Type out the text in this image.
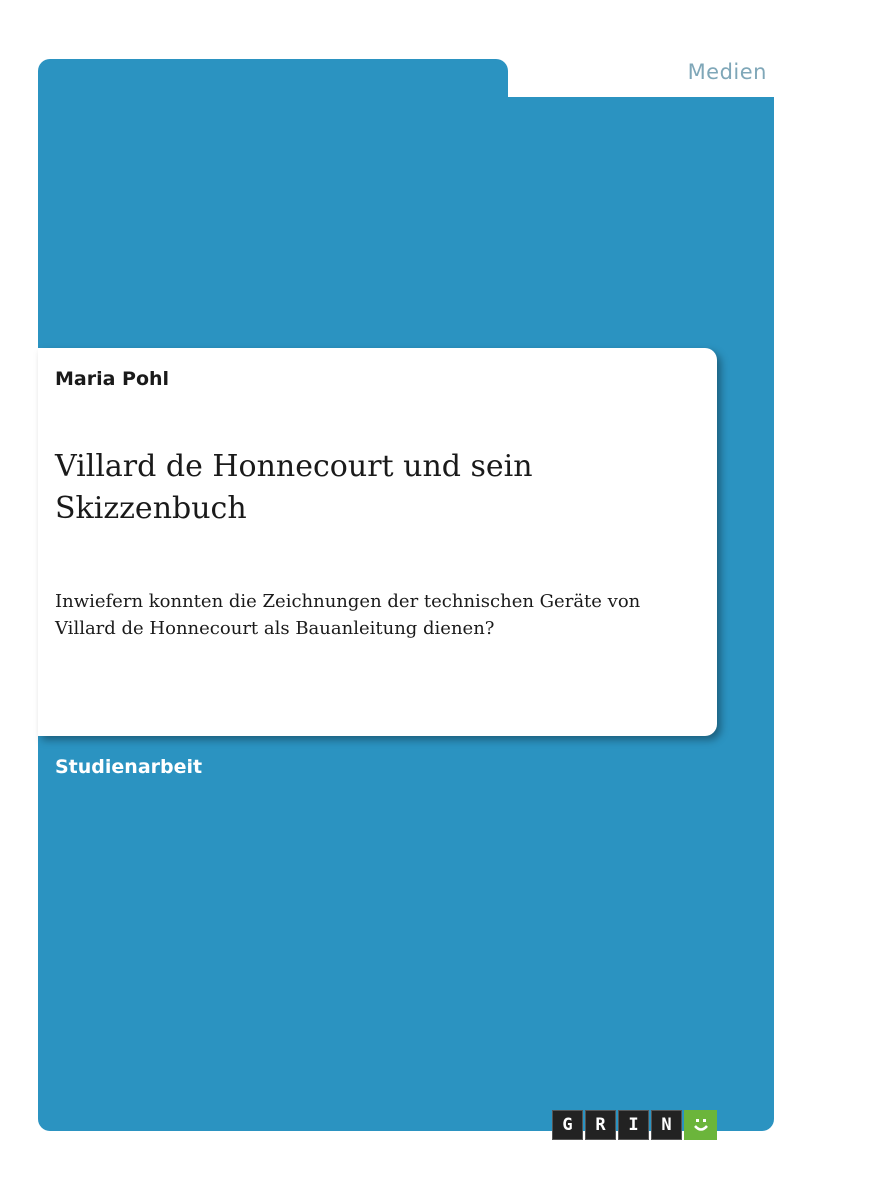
Medien
Maria Pohl
Villard de Honnecourt und sein Skizzenbuch
Inwiefern konnten die Zeichnungen der technischen Geräte von Villard de Honnecourt als Bauanleitung dienen?
Studienarbeit
G	R	I	N
